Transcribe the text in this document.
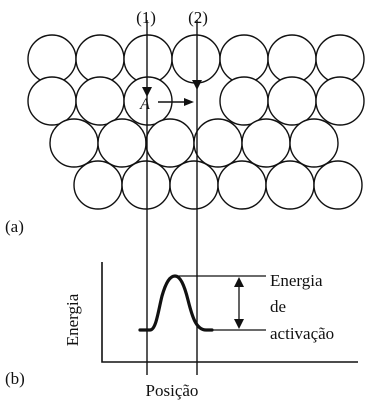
(1) (2)
A
(a)
Energia
de
activação
Energia
Posição
(b)
